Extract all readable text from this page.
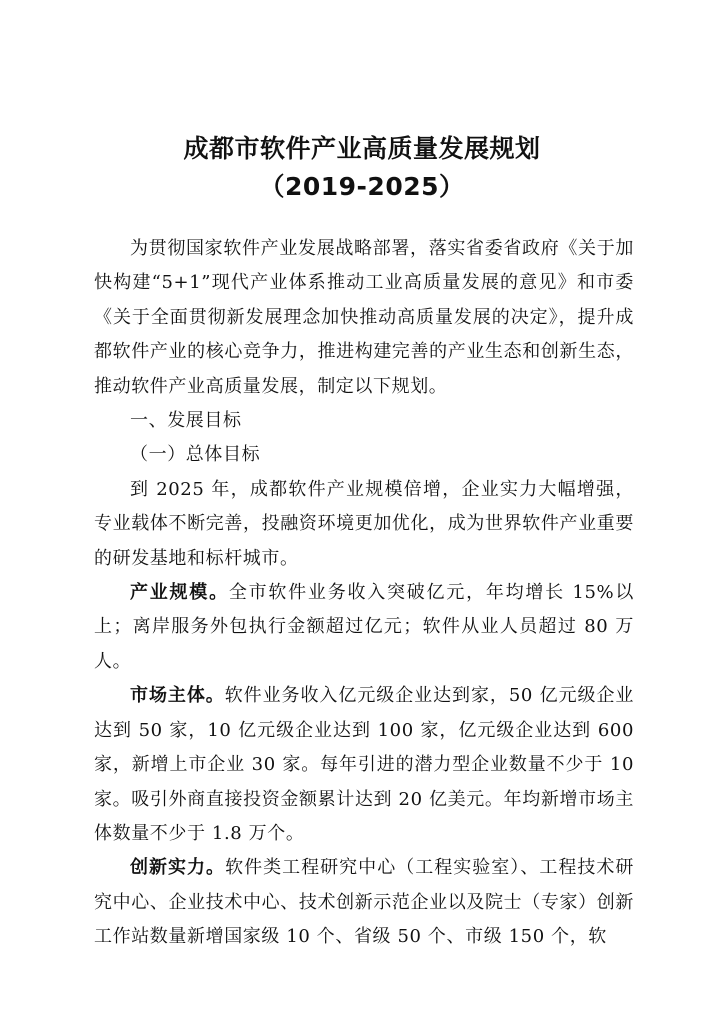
成都市软件产业高质量发展规划
（2019-2025）

为贯彻国家软件产业发展战略部署，落实省委省政府《关于加快构建“5+1”现代产业体系推动工业高质量发展的意见》和市委《关于全面贯彻新发展理念加快推动高质量发展的决定》，提升成都软件产业的核心竞争力，推进构建完善的产业生态和创新生态，推动软件产业高质量发展，制定以下规划。

一、发展目标

（一）总体目标

到 2025 年，成都软件产业规模倍增，企业实力大幅增强，专业载体不断完善，投融资环境更加优化，成为世界软件产业重要的研发基地和标杆城市。

产业规模。全市软件业务收入突破亿元，年均增长 15%以上；离岸服务外包执行金额超过亿元；软件从业人员超过 80 万人。

市场主体。软件业务收入亿元级企业达到家，50 亿元级企业达到 50 家，10 亿元级企业达到 100 家，亿元级企业达到 600 家，新增上市企业 30 家。每年引进的潜力型企业数量不少于 10 家。吸引外商直接投资金额累计达到 20 亿美元。年均新增市场主体数量不少于 1.8 万个。

创新实力。软件类工程研究中心（工程实验室）、工程技术研究中心、企业技术中心、技术创新示范企业以及院士（专家）创新工作站数量新增国家级 10 个、省级 50 个、市级 150 个，软
